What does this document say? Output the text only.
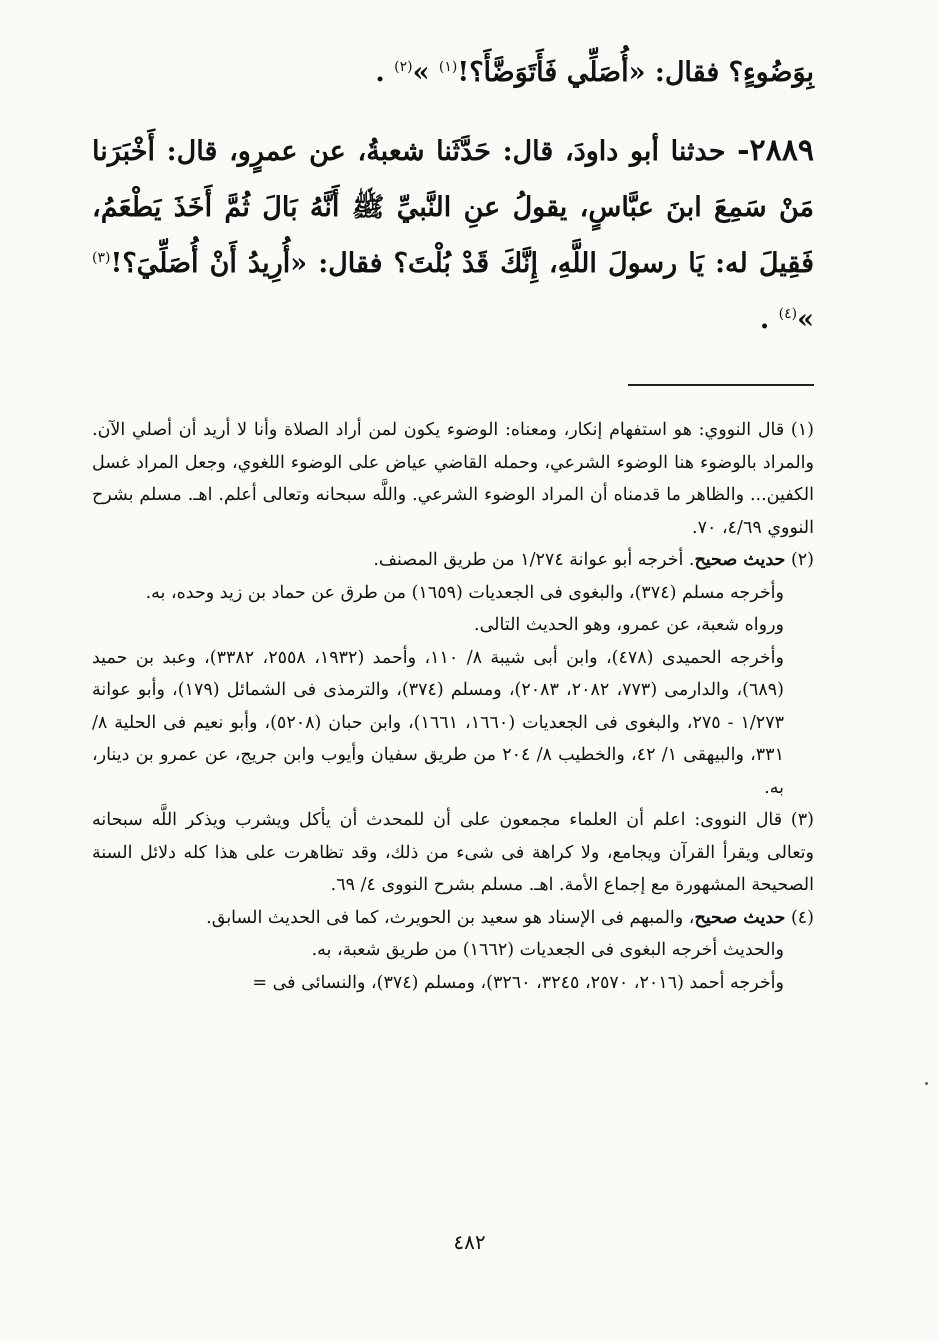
بِوَضُوءٍ؟ فقال: «أُصَلِّي فَأَتَوَضَّأَ؟!$^{(١)}$ »$^{(٢)}$ .

٢٨٨٩- حدثنا أبو داودَ، قال: حَدَّثَنا شعبةُ، عن عمرٍو، قال: أَخْبَرَنا مَنْ سَمِعَ ابنَ عبَّاسٍ، يقولُ عنِ النَّبيِّ ﷺ أَنَّهُ بَالَ ثُمَّ أَخَذَ يَطْعَمُ، فَقِيلَ له: يَا رسولَ اللَّهِ، إِنَّكَ قَدْ بُلْتَ؟ فقال: «أُرِيدُ أَنْ أُصَلِّيَ؟!$^{(٣)}$ »$^{(٤)}$ .

(١) قال النووي: هو استفهام إنكار، ومعناه: الوضوء يكون لمن أراد الصلاة وأنا لا أريد أن أصلي الآن. والمراد بالوضوء هنا الوضوء الشرعي، وحمله القاضي عياض على الوضوء اللغوي، وجعل المراد غسل الكفين... والظاهر ما قدمناه أن المراد الوضوء الشرعي. واللَّه سبحانه وتعالى أعلم. اهـ. مسلم بشرح النووي ٤/٦٩، ٧٠.

(٢) حديث صحيح. أخرجه أبو عوانة ١/٢٧٤ من طريق المصنف.

وأخرجه مسلم (٣٧٤)، والبغوى فى الجعديات (١٦٥٩) من طرق عن حماد بن زيد وحده، به.

ورواه شعبة، عن عمرو، وهو الحديث التالى.

وأخرجه الحميدى (٤٧٨)، وابن أبى شيبة ٨/ ١١٠، وأحمد (١٩٣٢، ٢٥٥٨، ٣٣٨٢)، وعبد بن حميد (٦٨٩)، والدارمى (٧٧٣، ٢٠٨٢، ٢٠٨٣)، ومسلم (٣٧٤)، والترمذى فى الشمائل (١٧٩)، وأبو عوانة ١/٢٧٣ - ٢٧٥، والبغوى فى الجعديات (١٦٦٠، ١٦٦١)، وابن حبان (٥٢٠٨)، وأبو نعيم فى الحلية ٨/ ٣٣١، والبيهقى ١/ ٤٢، والخطيب ٨/ ٢٠٤ من طريق سفيان وأيوب وابن جريج، عن عمرو بن دينار، به.

(٣) قال النووى: اعلم أن العلماء مجمعون على أن للمحدث أن يأكل ويشرب ويذكر اللَّه سبحانه وتعالى ويقرأ القرآن ويجامع، ولا كراهة فى شىء من ذلك، وقد تظاهرت على هذا كله دلائل السنة الصحيحة المشهورة مع إجماع الأمة. اهـ. مسلم بشرح النووى ٤/ ٦٩.

(٤) حديث صحيح، والمبهم فى الإسناد هو سعيد بن الحويرث، كما فى الحديث السابق.

والحديث أخرجه البغوى فى الجعديات (١٦٦٢) من طريق شعبة، به.

وأخرجه أحمد (٢٠١٦، ٢٥٧٠، ٣٢٤٥، ٣٢٦٠)، ومسلم (٣٧٤)، والنسائى فى =

٤٨٢
